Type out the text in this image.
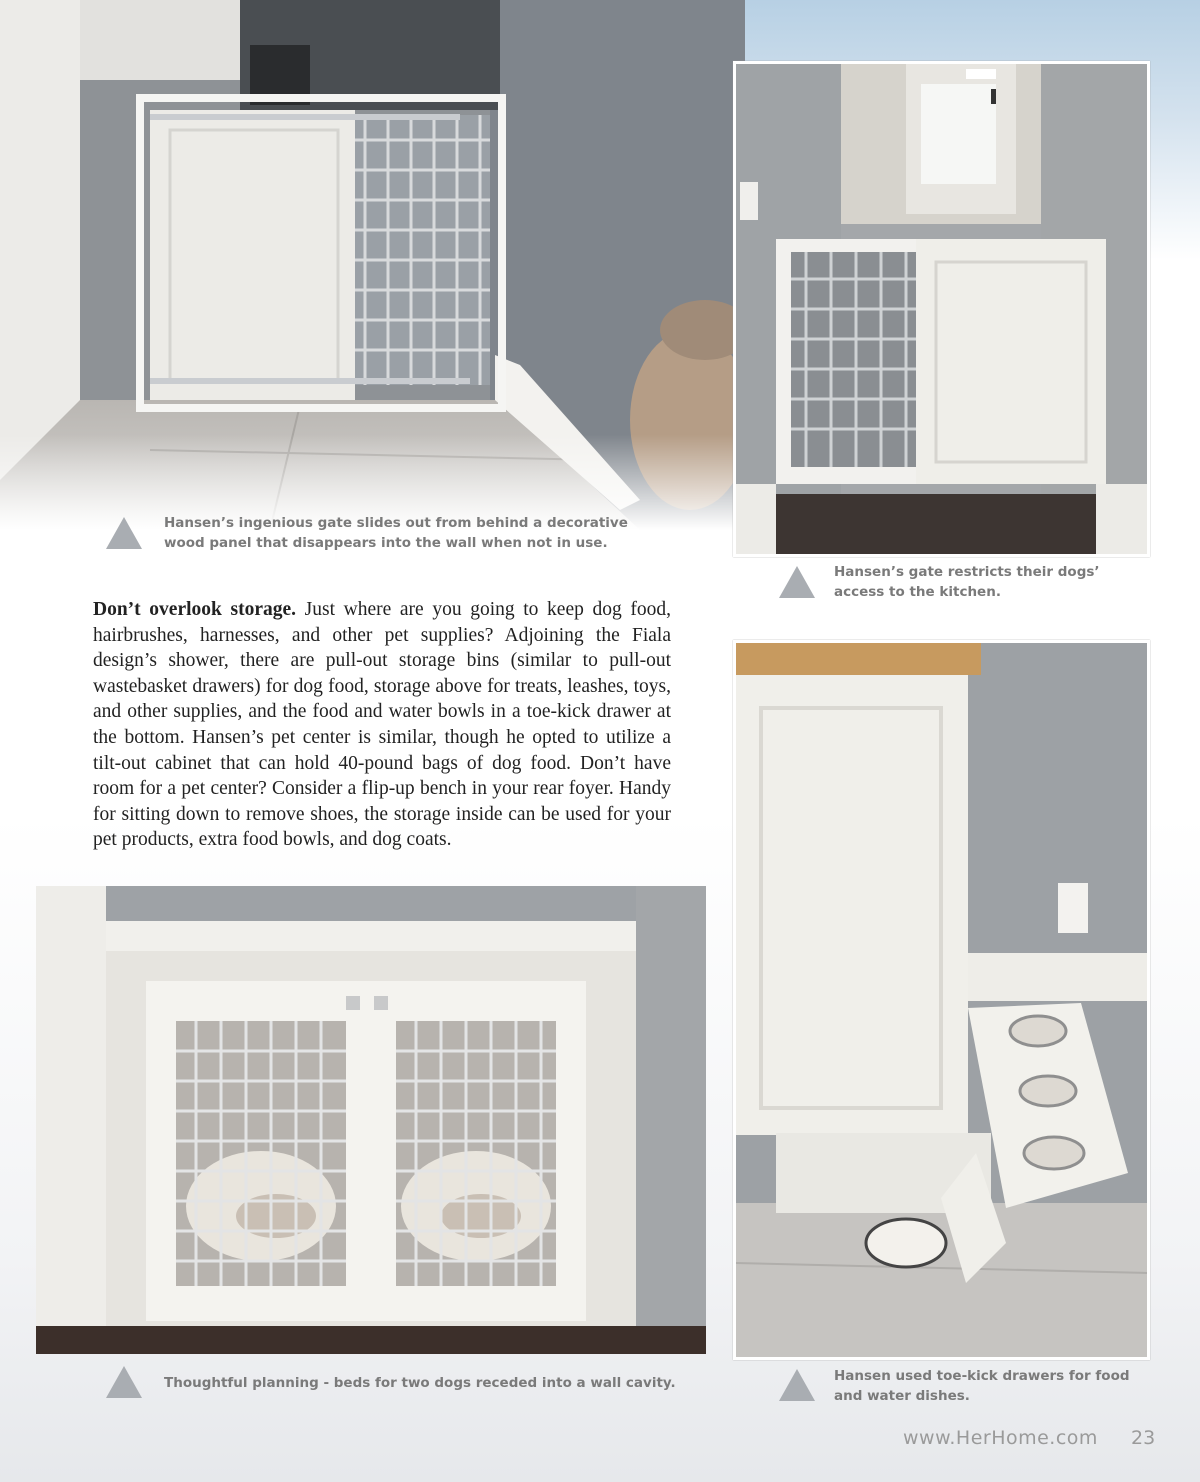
Hansen’s ingenious gate slides out from behind a decorative wood panel that disappears into the wall when not in use.

Hansen’s gate restricts their dogs’ access to the kitchen.

Don’t overlook storage. Just where are you going to keep dog food, hairbrushes, harnesses, and other pet supplies? Adjoining the Fiala design’s shower, there are pull-out storage bins (similar to pull-out wastebasket drawers) for dog food, storage above for treats, leashes, toys, and other supplies, and the food and water bowls in a toe-kick drawer at the bottom. Hansen’s pet center is similar, though he opted to utilize a tilt-out cabinet that can hold 40-pound bags of dog food. Don’t have room for a pet center? Consider a flip-up bench in your rear foyer. Handy for sitting down to remove shoes, the storage inside can be used for your pet products, extra food bowls, and dog coats.

Thoughtful planning - beds for two dogs receded into a wall cavity.	Hansen used toe-kick drawers for food and water dishes.

www.HerHome.com 23
